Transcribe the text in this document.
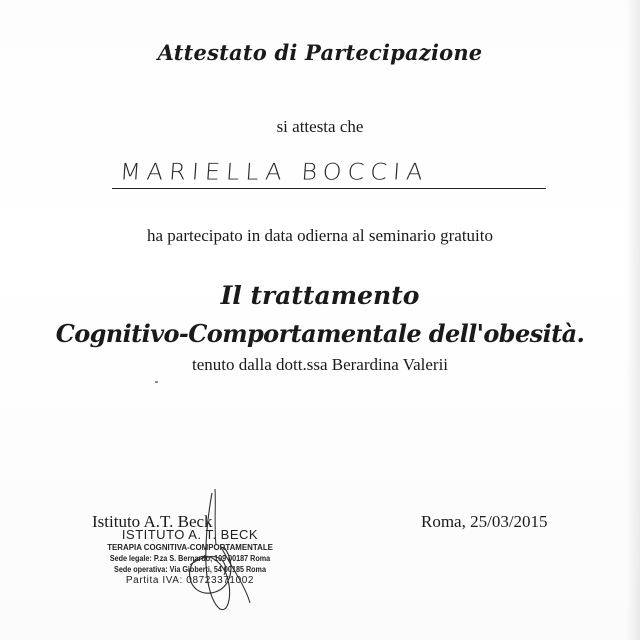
Attestato di Partecipazione
si attesta che
MARIELLA BOCCIA
ha partecipato in data odierna al seminario gratuito
Il trattamento
Cognitivo-Comportamentale dell'obesità.
tenuto dalla dott.ssa Berardina Valerii
Istituto A.T. Beck	Roma, 25/03/2015
ISTITUTO A. T. BECK
TERAPIA COGNITIVA-COMPORTAMENTALE
Sede legale: P.za S. Bernardo, 109 00187 Roma
Sede operativa: Via Gioberti, 54 00185 Roma
Partita IVA: 08723371002
